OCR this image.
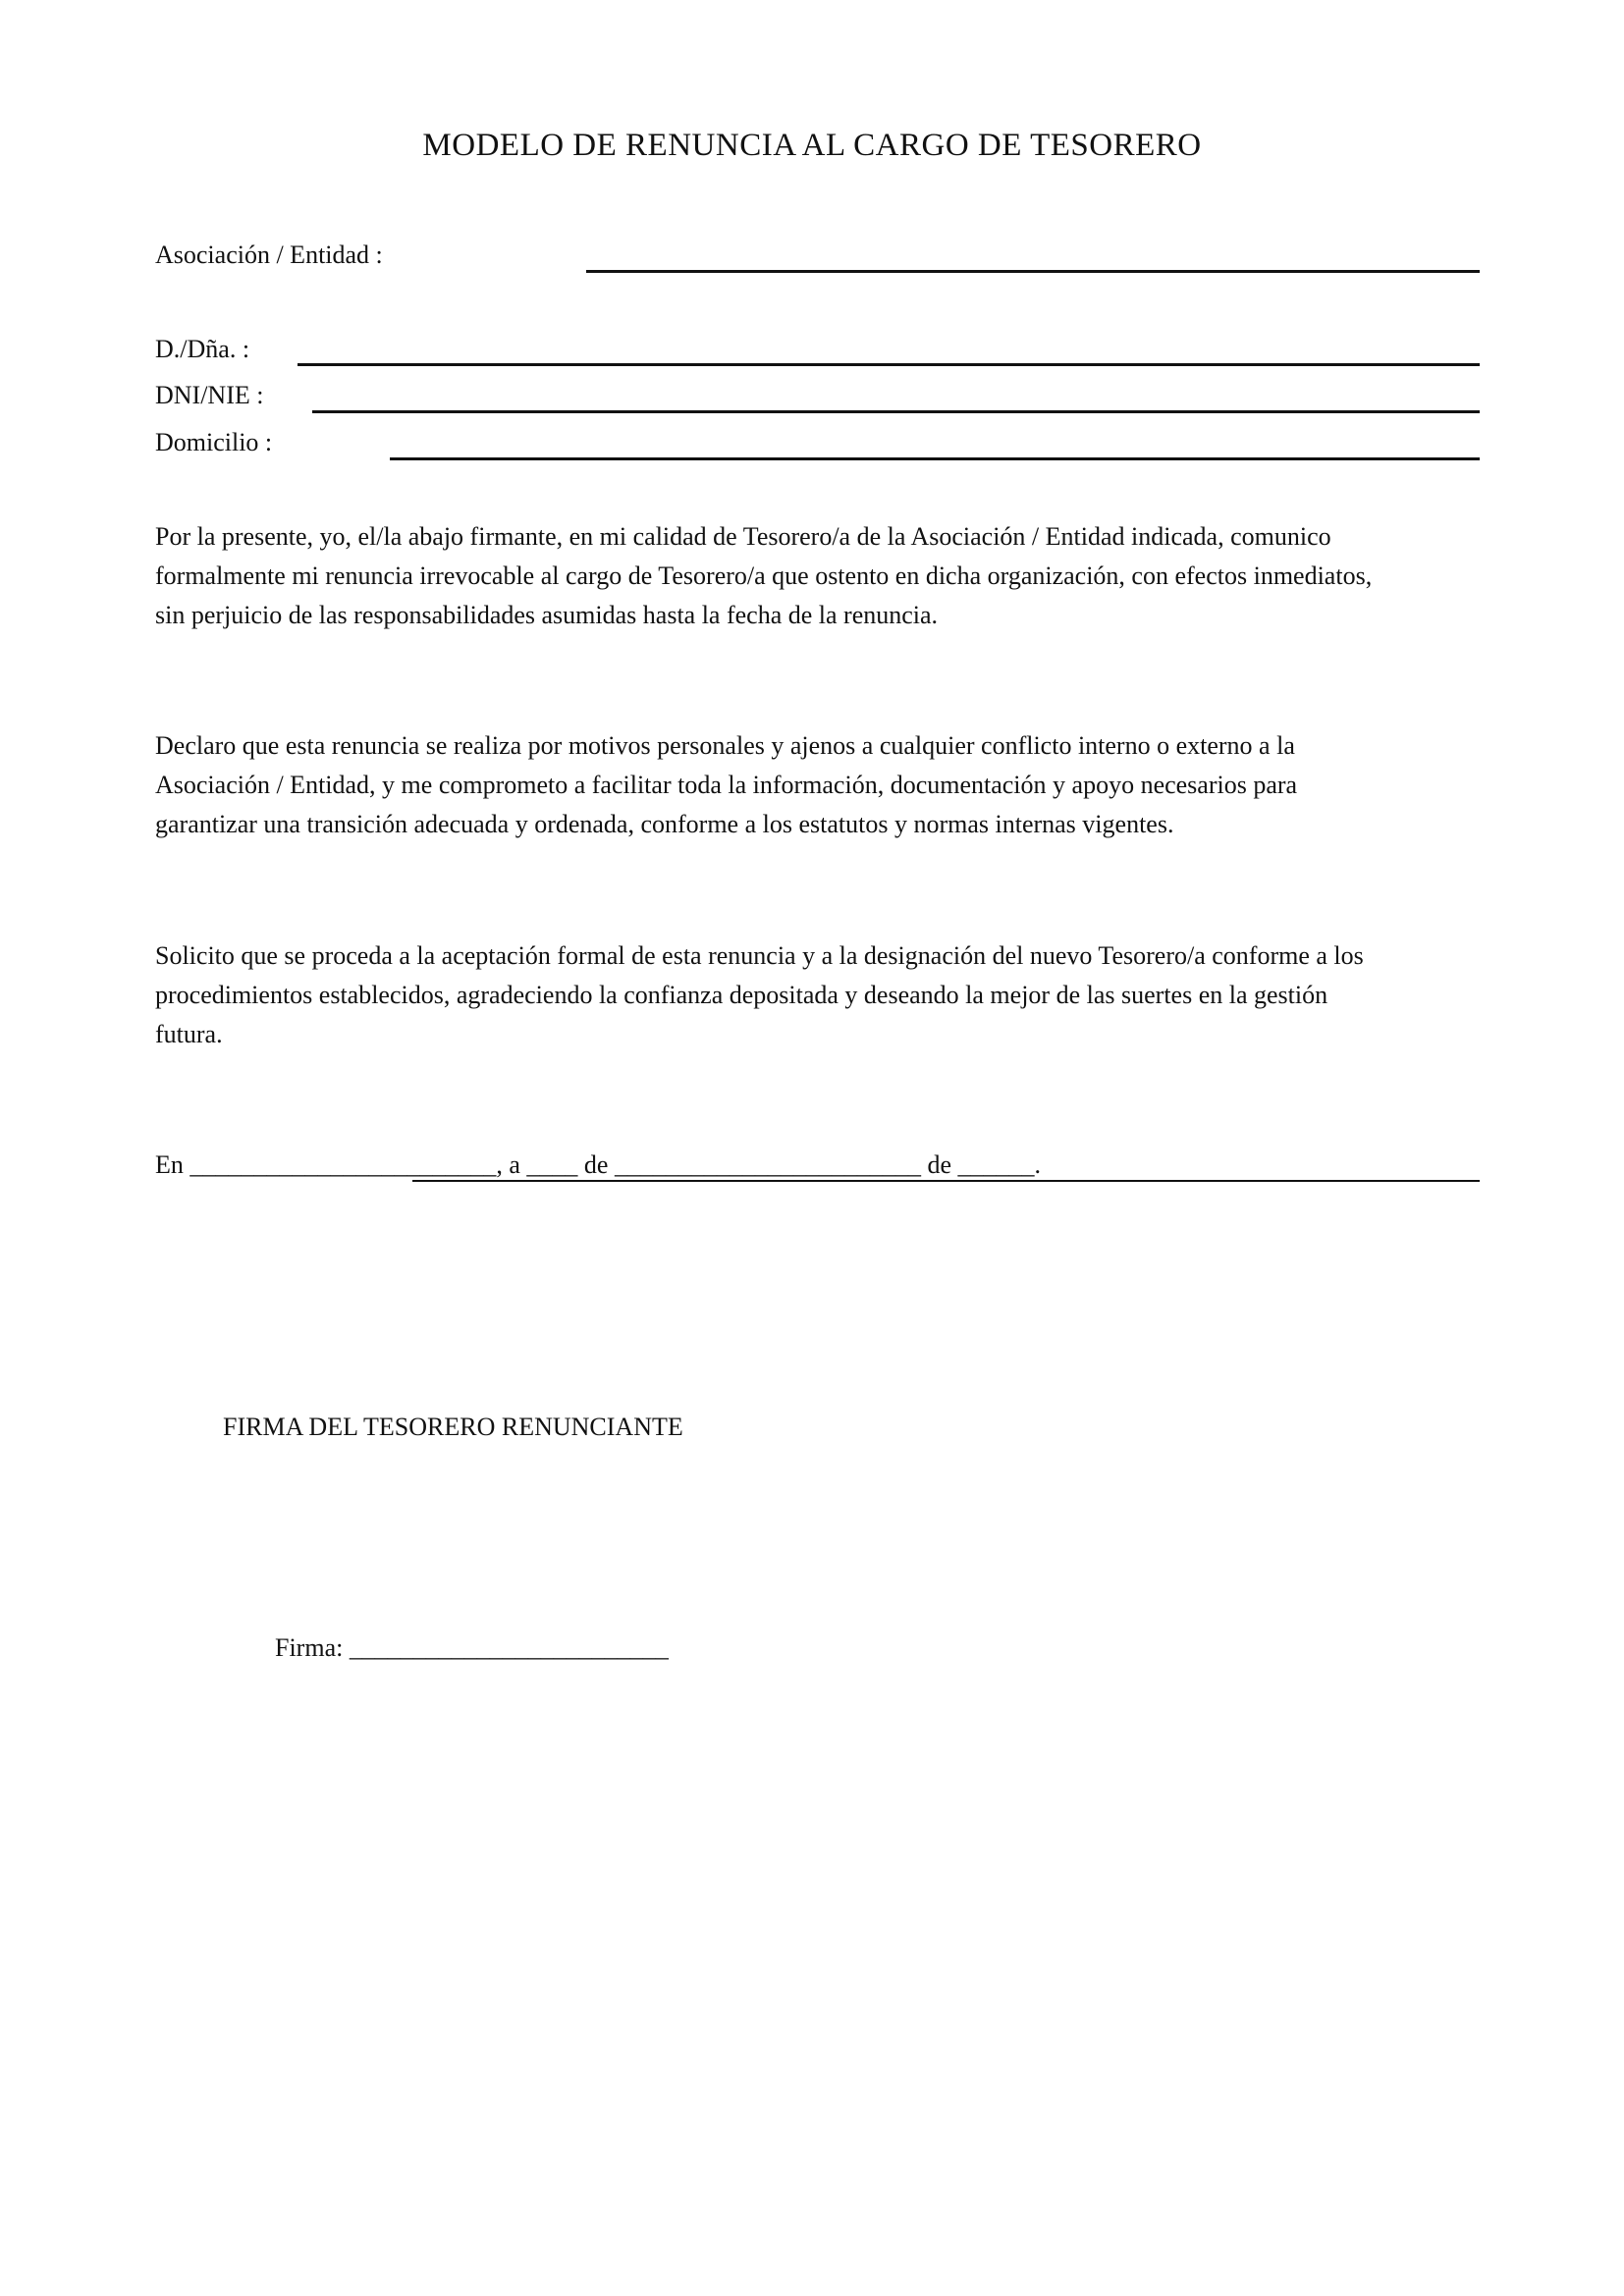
MODELO DE RENUNCIA AL CARGO DE TESORERO
Asociación / Entidad :
D./Dña. :
DNI/NIE :
Domicilio :
Por la presente, yo, el/la abajo firmante, en mi calidad de Tesorero/a de la Asociación / Entidad indicada, comunico
formalmente mi renuncia irrevocable al cargo de Tesorero/a que ostento en dicha organización, con efectos inmediatos,
sin perjuicio de las responsabilidades asumidas hasta la fecha de la renuncia.
Declaro que esta renuncia se realiza por motivos personales y ajenos a cualquier conflicto interno o externo a la
Asociación / Entidad, y me comprometo a facilitar toda la información, documentación y apoyo necesarios para
garantizar una transición adecuada y ordenada, conforme a los estatutos y normas internas vigentes.
Solicito que se proceda a la aceptación formal de esta renuncia y a la designación del nuevo Tesorero/a conforme a los
procedimientos establecidos, agradeciendo la confianza depositada y deseando la mejor de las suertes en la gestión
futura.
En ________________________, a ____ de ________________________ de ______.
FIRMA DEL TESORERO RENUNCIANTE
Firma: _________________________
